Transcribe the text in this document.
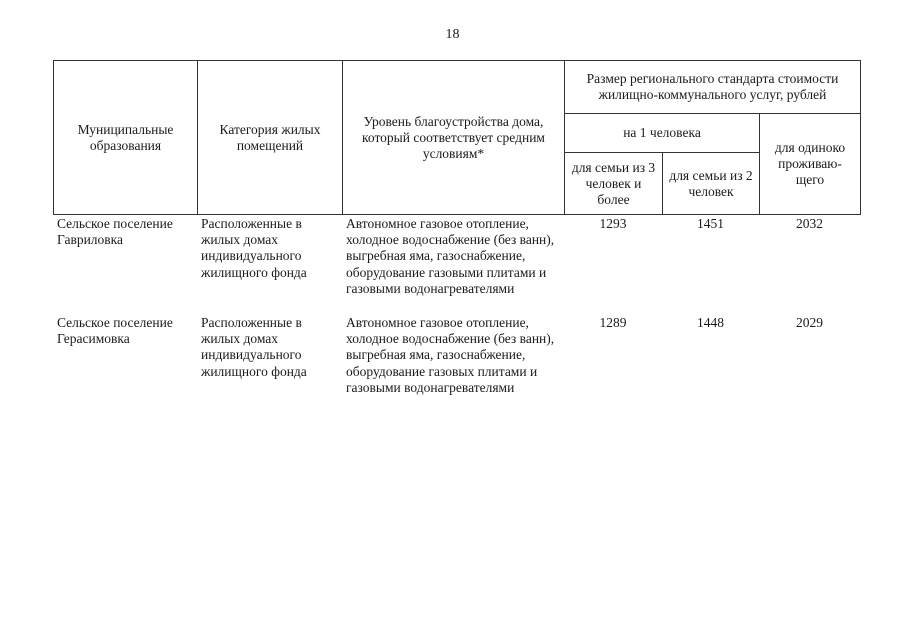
18
Муниципальные образования	Категория жилых помещений	Уровень благоустройства дома, который соответствует средним условиям*	Размер регионального стандарта стоимости жилищно-коммунального услуг, рублей		
			на 1 человека		для одиноко проживаю-щего
			для семьи из 3 человек и более	для семьи из 2 человек	
Сельское поселение Гавриловка	Расположенные в жилых домах индивидуального жилищного фонда	Автономное газовое отопление, холодное водоснабжение (без ванн), выгребная яма, газоснабжение, оборудование газовыми плитами и газовыми водонагревателями	1293	1451	2032

Сельское поселение Герасимовка	Расположенные в жилых домах индивидуального жилищного фонда	Автономное газовое отопление, холодное водоснабжение (без ванн), выгребная яма, газоснабжение, оборудование газовых плитами и газовыми водонагревателями	1289	1448	2029
